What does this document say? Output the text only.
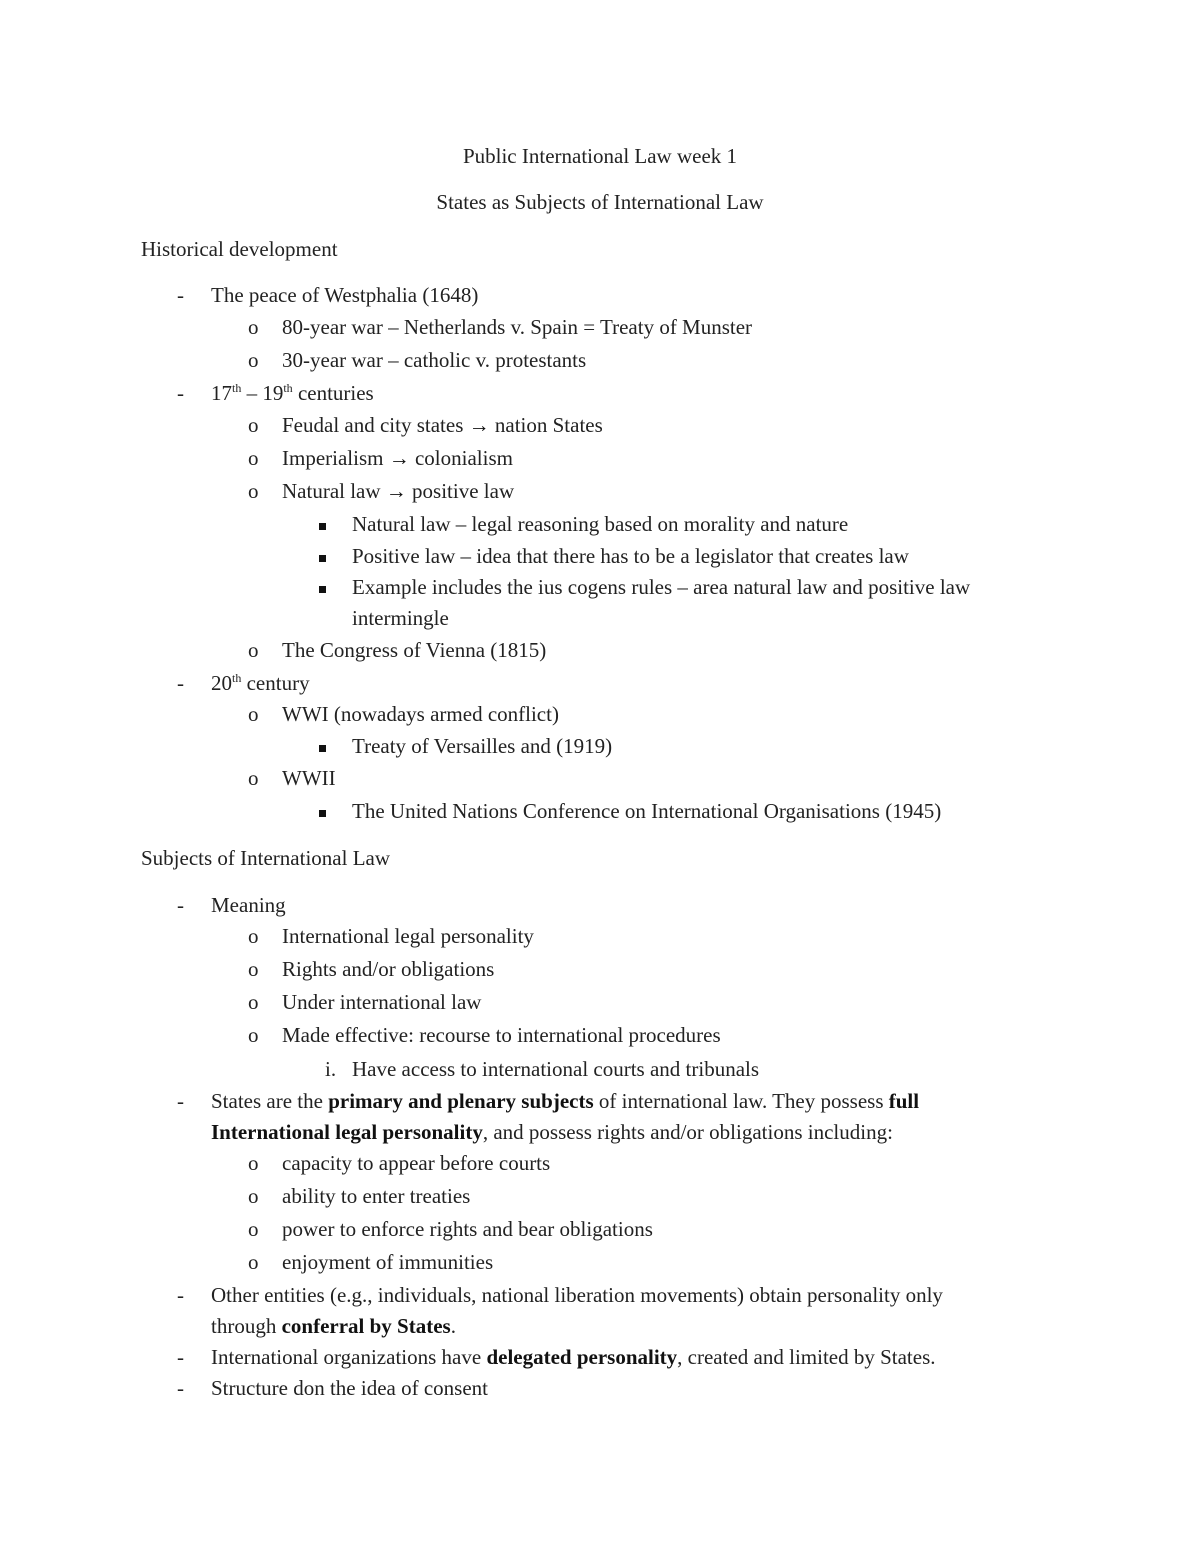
Public International Law week 1
States as Subjects of International Law
Historical development
- The peace of Westphalia (1648)
o 80-year war – Netherlands v. Spain = Treaty of Munster
o 30-year war – catholic v. protestants
- 17th – 19th centuries
o Feudal and city states → nation States
o Imperialism → colonialism
o Natural law → positive law
Natural law – legal reasoning based on morality and nature
Positive law – idea that there has to be a legislator that creates law
Example includes the ius cogens rules – area natural law and positive law
intermingle
o The Congress of Vienna (1815)
- 20th century
o WWI (nowadays armed conflict)
Treaty of Versailles and (1919)
o WWII
The United Nations Conference on International Organisations (1945)
Subjects of International Law
- Meaning
o International legal personality
o Rights and/or obligations
o Under international law
o Made effective: recourse to international procedures
i. Have access to international courts and tribunals
- States are the primary and plenary subjects of international law. They possess full
International legal personality, and possess rights and/or obligations including:
o capacity to appear before courts
o ability to enter treaties
o power to enforce rights and bear obligations
o enjoyment of immunities
- Other entities (e.g., individuals, national liberation movements) obtain personality only
through conferral by States.
- International organizations have delegated personality, created and limited by States.
- Structure don the idea of consent
